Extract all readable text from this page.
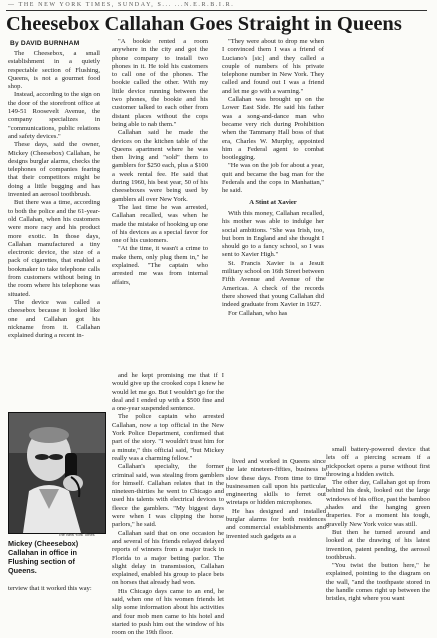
— THE NEW YORK TIMES, SUNDAY, S... ...N.E.R.B.I.R.
Cheesebox Callahan Goes Straight in Queens
By DAVID BURNHAM

The Cheesebox, a small establishment in a quietly respectable section of Flushing, Queens, is not a gourmet food shop.

Instead, according to the sign on the door of the storefront office at 149-51 Roosevelt Avenue, the company specializes in "communications, public relations and safety devices."

These days, said the owner, Mickey (Cheesebox) Callahan, he designs burglar alarms, checks the telephones of companies fearing that their competitors might be doing a little bugging and has invented an aerosol toothbrush.

But there was a time, according to both the police and the 61-year-old Callahan, when his customers were more racy and his product more exotic. In those days, Callahan manufactured a tiny electronic device, the size of a pack of cigarettes, that enabled a bookmaker to take telephone calls from customers without being in the room where his telephone was situated.

The device was called a cheesebox because it looked like one and Callahan got his nickname from it. Callahan explained during a recent in-

"A bookie rented a room anywhere in the city and got the phone company to install two phones in it. He told his customers to call one of the phones. The bookie called the other. With my little device running between the two phones, the bookie and his customer talked to each other from distant places without the cops being able to nab them."

Callahan said he made the devices on the kitchen table of the Queens apartment where he was then living and "sold" them to gamblers for $250 each, plus a $100 a week rental fee. He said that during 1960, his best year, 50 of his cheeseboxes were being used by gamblers all over New York.

The last time he was arrested, Callahan recalled, was when he made the mistake of hooking up one of his devices as a special favor for one of his customers.

"At the time, it wasn't a crime to make them, only plug them in," he explained. "The captain who arrested me was from internal affairs,

and he kept promising me that if I would give up the crooked cops I knew he would let me go. But I wouldn't go for the deal and I ended up with a $500 fine and a one-year suspended sentence.

The police captain who arrested Callahan, now a top official in the New York Police Department, confirmed that part of the story. "I wouldn't trust him for a minute," this official said, "but Mickey really was a charming fellow."

Callahan's specialty, the former criminal said, was stealing from gamblers for himself. Callahan relates that in the nineteen-thirties he went to Chicago and used his talents with electrical devices to fleece the gamblers. "My biggest days were when I was clipping the horse parlors," he said.

Callahan said that on one occasion he and several of his friends relayed delayed reports of winners from a major track in Florida to a major betting parlor. The slight delay in transmission, Callahan explained, enabled his group to place bets on horses that already had won.

His Chicago days came to an end, he said, when one of his women friends let slip some information about his activities and four mob men came to his hotel and started to push him out the window of his room on the 19th floor.

"They were about to drop me when I convinced them I was a friend of Luciano's [sic] and they called a couple of numbers of his private telephone number in New York. They called and found out I was a friend and let me go with a warning."

Callahan was brought up on the Lower East Side. He said his father was a song-and-dance man who became very rich during Prohibition when the Tammany Hall boss of that era, Charles W. Murphy, appointed him a Federal agent to combat bootlegging.

"He was on the job for about a year, quit and became the bag man for the Federals and the cops in Manhattan," he said.

A Stint at Xavier

With this money, Callahan recalled, his mother was able to indulge her social ambitions. "She was Irish, too, but born in England and she thought I should go to a fancy school, so I was sent to Xavier High."

St. Francis Xavier is a Jesuit military school on 16th Street between Fifth Avenue and Avenue of the Americas. A check of the records there showed that young Callahan did indeed graduate from Xavier in 1927.

For Callahan, who has

lived and worked in Queens since the late nineteen-fifties, business is slow these days. From time to time businessmen call upon his particular engineering skills to ferret out wiretaps or hidden microphones.

He has designed and installed burglar alarms for both residences and commercial establishments and invented such gadgets as a

small battery-powered device that lets off a piercing scream if a pickpocket opens a purse without first throwing a hidden switch.

The other day, Callahan got up from behind his desk, looked out the large windows of his office, past the bamboo shades and the hanging green draperies. For a moment his tough, gravelly New York voice was still.

But then he turned around and looked at the drawing of his latest invention, patent pending, the aerosol toothbrush.

"You twist the button here," he explained, pointing to the diagram on the wall, "and the toothpaste stored in the handle comes right up between the bristles, right where you want

The New York Times
Mickey (Cheesebox) Callahan in office in Flushing section of Queens.
terview that it worked this way:
